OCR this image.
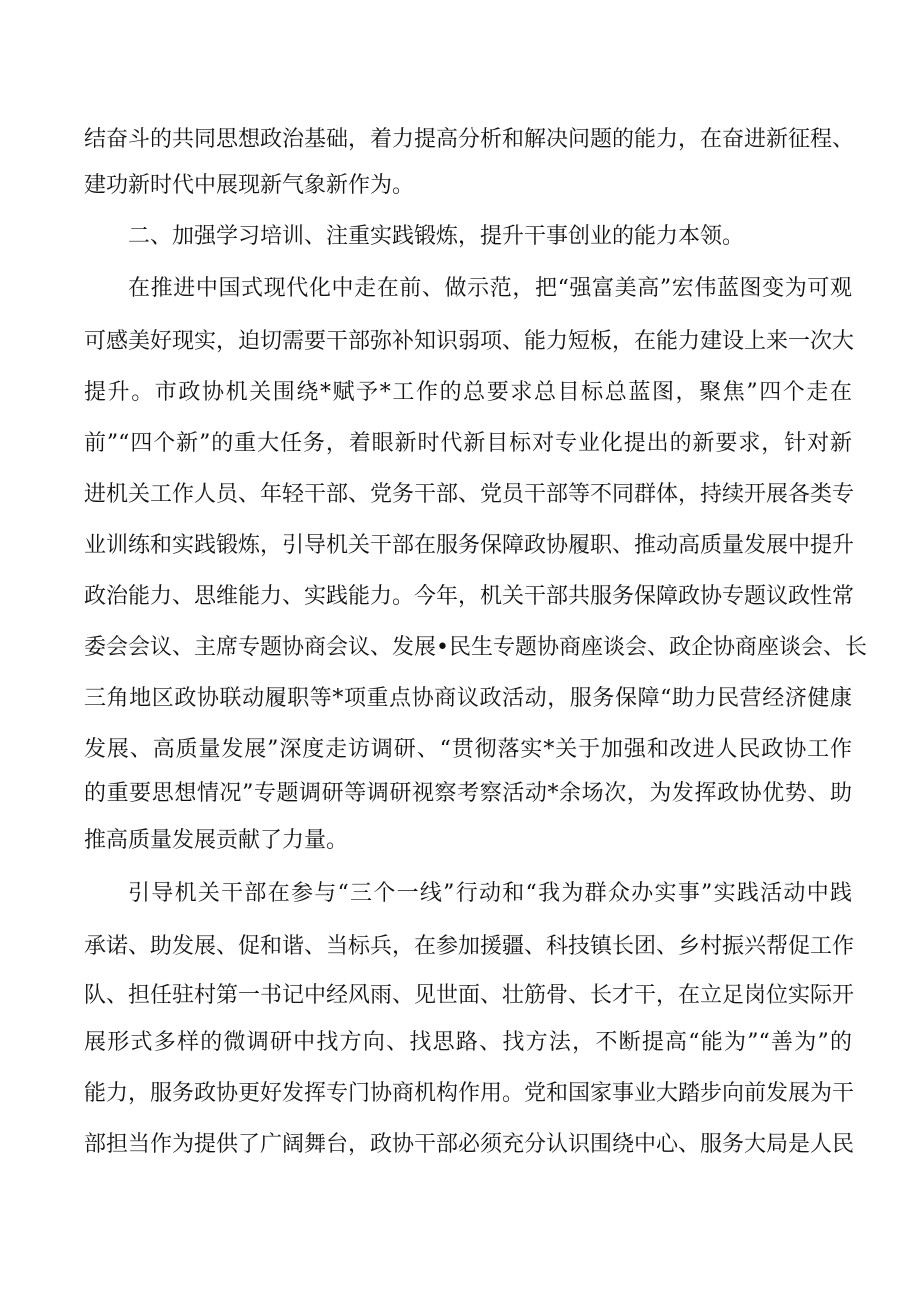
结奋斗的共同思想政治基础，着力提高分析和解决问题的能力，在奋进新征程、
建功新时代中展现新气象新作为。
二、加强学习培训、注重实践锻炼，提升干事创业的能力本领。
在推进中国式现代化中走在前、做示范，把“强富美高”宏伟蓝图变为可观
可感美好现实，迫切需要干部弥补知识弱项、能力短板，在能力建设上来一次大
提升。市政协机关围绕*赋予*工作的总要求总目标总蓝图，聚焦”四个走在
前”“四个新”的重大任务，着眼新时代新目标对专业化提出的新要求，针对新
进机关工作人员、年轻干部、党务干部、党员干部等不同群体，持续开展各类专
业训练和实践锻炼，引导机关干部在服务保障政协履职、推动高质量发展中提升
政治能力、思维能力、实践能力。今年，机关干部共服务保障政协专题议政性常
委会会议、主席专题协商会议、发展•民生专题协商座谈会、政企协商座谈会、长
三角地区政协联动履职等*项重点协商议政活动，服务保障“助力民营经济健康
发展、高质量发展”深度走访调研、“贯彻落实*关于加强和改进人民政协工作
的重要思想情况”专题调研等调研视察考察活动*余场次，为发挥政协优势、助
推高质量发展贡献了力量。
引导机关干部在参与“三个一线”行动和“我为群众办实事”实践活动中践
承诺、助发展、促和谐、当标兵，在参加援疆、科技镇长团、乡村振兴帮促工作
队、担任驻村第一书记中经风雨、见世面、壮筋骨、长才干，在立足岗位实际开
展形式多样的微调研中找方向、找思路、找方法，不断提高“能为”“善为”的
能力，服务政协更好发挥专门协商机构作用。党和国家事业大踏步向前发展为干
部担当作为提供了广阔舞台，政协干部必须充分认识围绕中心、服务大局是人民
